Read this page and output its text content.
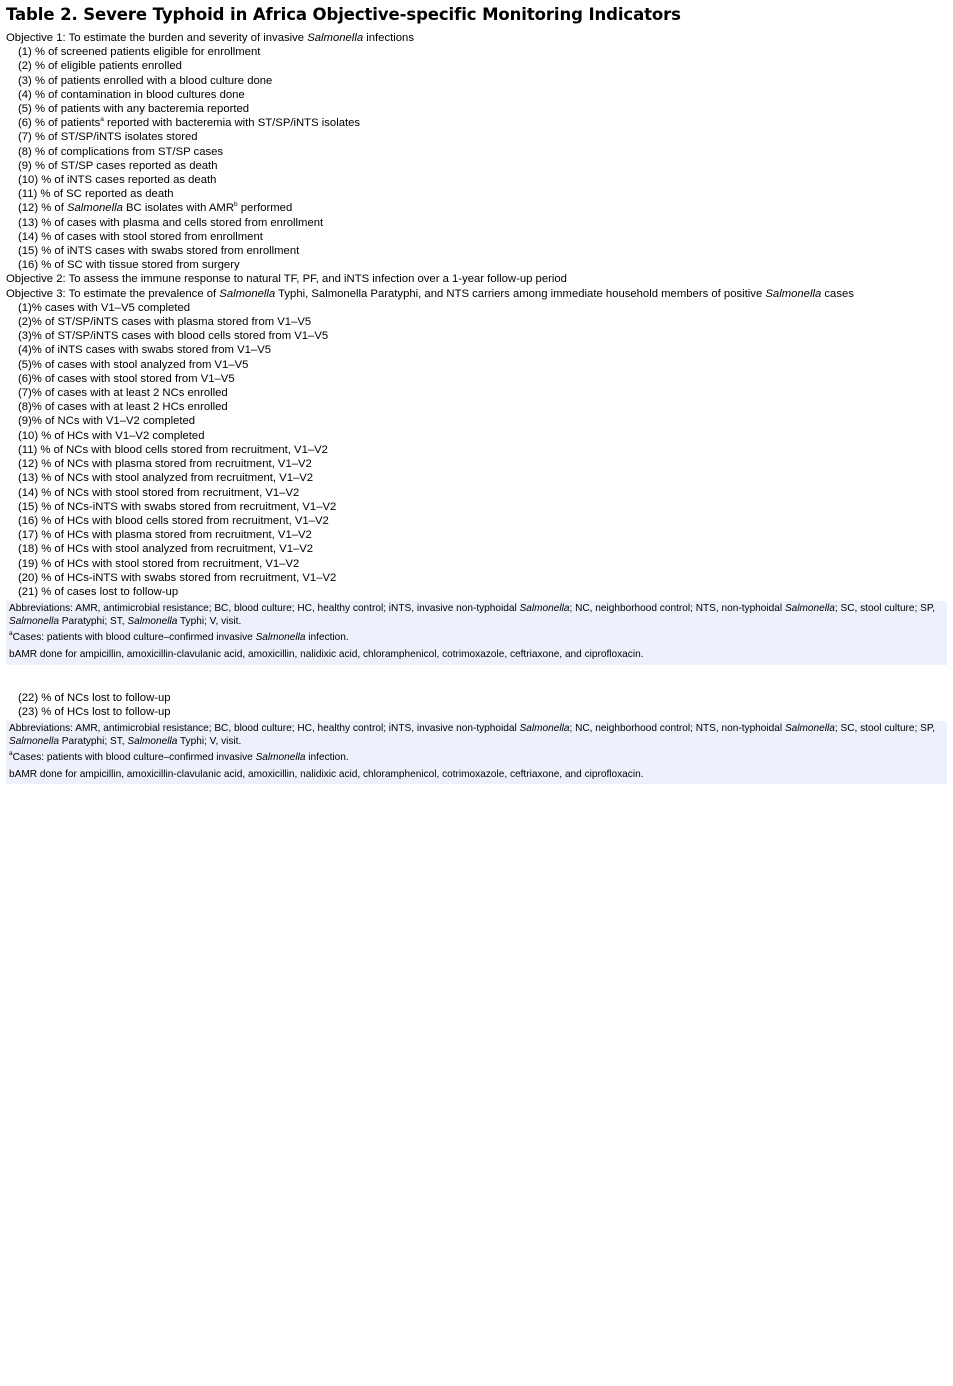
Table 2. Severe Typhoid in Africa Objective-specific Monitoring Indicators
Objective 1: To estimate the burden and severity of invasive Salmonella infections
(1) % of screened patients eligible for enrollment
(2) % of eligible patients enrolled
(3) % of patients enrolled with a blood culture done
(4) % of contamination in blood cultures done
(5) % of patients with any bacteremia reported
(6) % of patients$^a$ reported with bacteremia with ST/SP/iNTS isolates
(7) % of ST/SP/iNTS isolates stored
(8) % of complications from ST/SP cases
(9) % of ST/SP cases reported as death
(10) % of iNTS cases reported as death
(11) % of SC reported as death
(12) % of Salmonella BC isolates with AMR$^b$ performed
(13) % of cases with plasma and cells stored from enrollment
(14) % of cases with stool stored from enrollment
(15) % of iNTS cases with swabs stored from enrollment
(16) % of SC with tissue stored from surgery
Objective 2: To assess the immune response to natural TF, PF, and iNTS infection over a 1-year follow-up period
Objective 3: To estimate the prevalence of Salmonella Typhi, Salmonella Paratyphi, and NTS carriers among immediate household members of positive Salmonella cases
(1)% cases with V1–V5 completed
(2)% of ST/SP/iNTS cases with plasma stored from V1–V5
(3)% of ST/SP/iNTS cases with blood cells stored from V1–V5
(4)% of iNTS cases with swabs stored from V1–V5
(5)% of cases with stool analyzed from V1–V5
(6)% of cases with stool stored from V1–V5
(7)% of cases with at least 2 NCs enrolled
(8)% of cases with at least 2 HCs enrolled
(9)% of NCs with V1–V2 completed
(10) % of HCs with V1–V2 completed
(11) % of NCs with blood cells stored from recruitment, V1–V2
(12) % of NCs with plasma stored from recruitment, V1–V2
(13) % of NCs with stool analyzed from recruitment, V1–V2
(14) % of NCs with stool stored from recruitment, V1–V2
(15) % of NCs-iNTS with swabs stored from recruitment, V1–V2
(16) % of HCs with blood cells stored from recruitment, V1–V2
(17) % of HCs with plasma stored from recruitment, V1–V2
(18) % of HCs with stool analyzed from recruitment, V1–V2
(19) % of HCs with stool stored from recruitment, V1–V2
(20) % of HCs-iNTS with swabs stored from recruitment, V1–V2
(21) % of cases lost to follow-up
Abbreviations: AMR, antimicrobial resistance; BC, blood culture; HC, healthy control; iNTS, invasive non-typhoidal Salmonella; NC, neighborhood control; NTS, non-typhoidal Salmonella; SC, stool culture; SP, Salmonella Paratyphi; ST, Salmonella Typhi; V, visit.
$^a$Cases: patients with blood culture–confirmed invasive Salmonella infection.
bAMR done for ampicillin, amoxicillin-clavulanic acid, amoxicillin, nalidixic acid, chloramphenicol, cotrimoxazole, ceftriaxone, and ciprofloxacin.
(22) % of NCs lost to follow-up
(23) % of HCs lost to follow-up
Abbreviations: AMR, antimicrobial resistance; BC, blood culture; HC, healthy control; iNTS, invasive non-typhoidal Salmonella; NC, neighborhood control; NTS, non-typhoidal Salmonella; SC, stool culture; SP, Salmonella Paratyphi; ST, Salmonella Typhi; V, visit.
$^a$Cases: patients with blood culture–confirmed invasive Salmonella infection.
bAMR done for ampicillin, amoxicillin-clavulanic acid, amoxicillin, nalidixic acid, chloramphenicol, cotrimoxazole, ceftriaxone, and ciprofloxacin.
